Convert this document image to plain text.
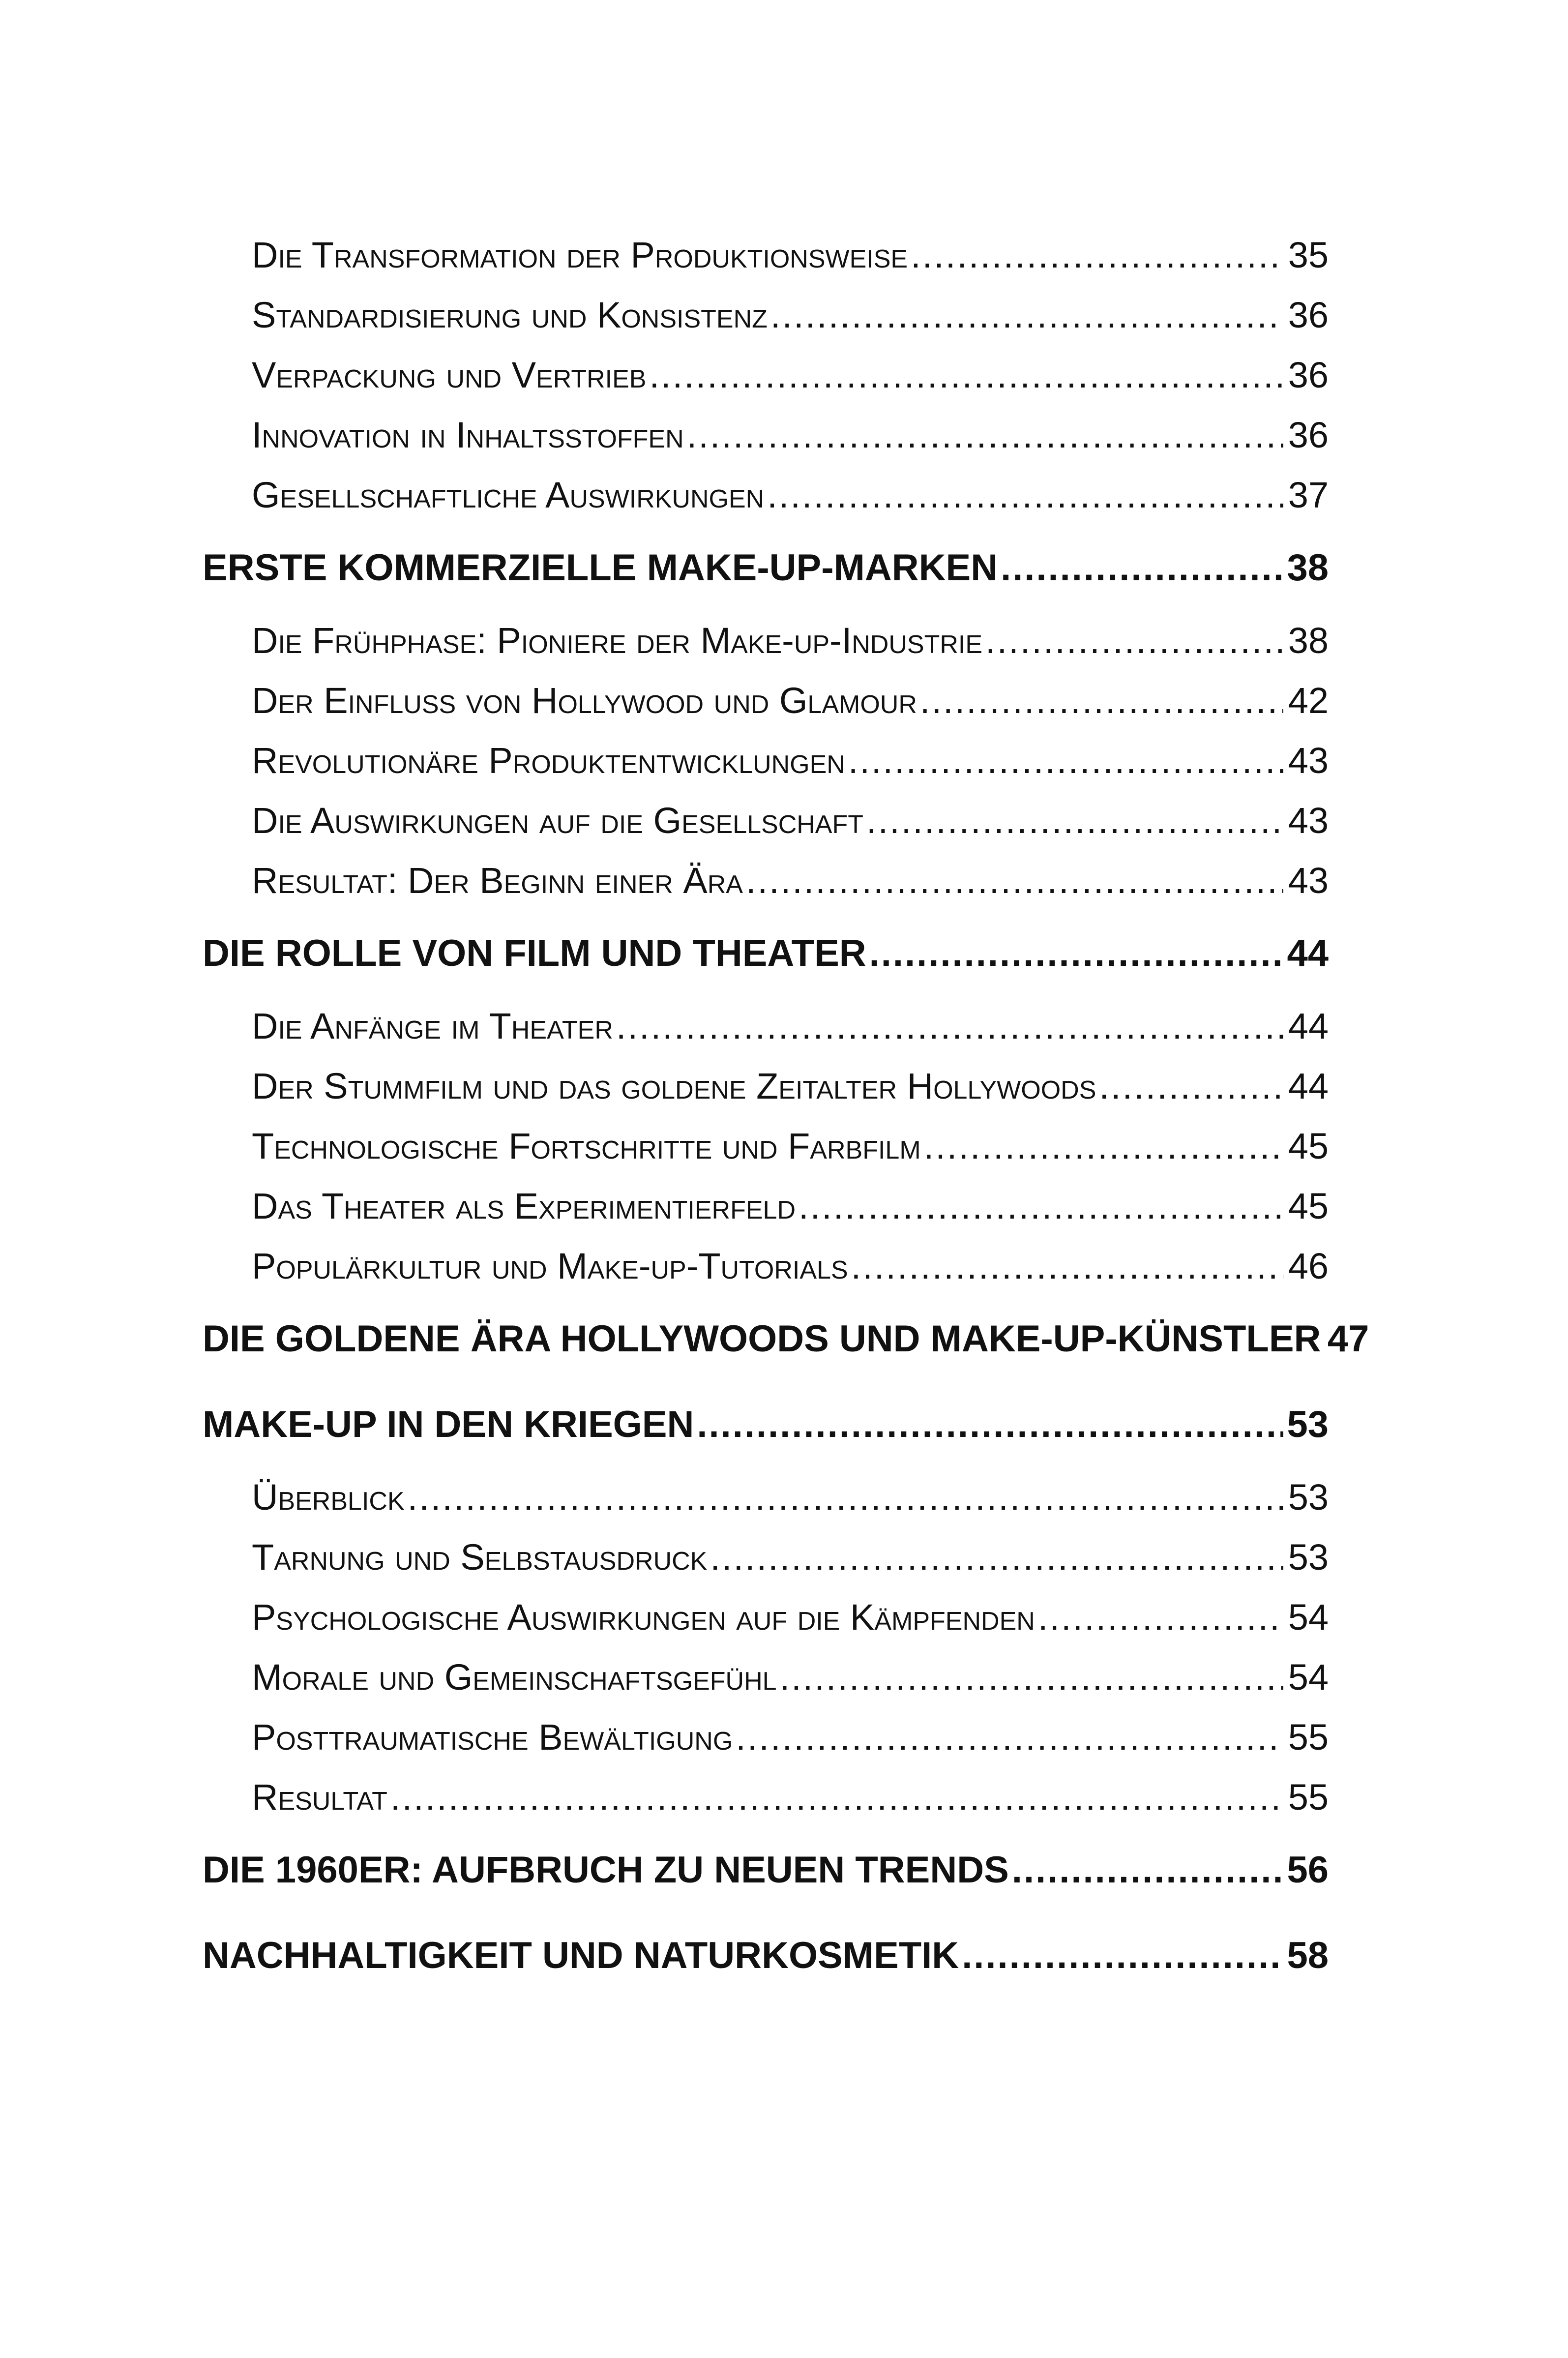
Die Transformation der Produktionsweise .....	35
Standardisierung und Konsistenz .....	36
Verpackung und Vertrieb .....	36
Innovation in Inhaltsstoffen .....	36
Gesellschaftliche Auswirkungen .....	37
ERSTE KOMMERZIELLE MAKE-UP-MARKEN .....	38
Die Frühphase: Pioniere der Make-up-Industrie .....	38
Der Einfluss von Hollywood und Glamour .....	42
Revolutionäre Produktentwicklungen .....	43
Die Auswirkungen auf die Gesellschaft .....	43
Resultat: Der Beginn einer Ära .....	43
DIE ROLLE VON FILM UND THEATER .....	44
Die Anfänge im Theater .....	44
Der Stummfilm und das goldene Zeitalter Hollywoods .....	44
Technologische Fortschritte und Farbfilm .....	45
Das Theater als Experimentierfeld .....	45
Populärkultur und Make-up-Tutorials .....	46
DIE GOLDENE ÄRA HOLLYWOODS UND MAKE-UP-KÜNSTLER 47
MAKE-UP IN DEN KRIEGEN .....	53
Überblick .....	53
Tarnung und Selbstausdruck .....	53
Psychologische Auswirkungen auf die Kämpfenden .....	54
Morale und Gemeinschaftsgefühl .....	54
Posttraumatische Bewältigung .....	55
Resultat .....	55
DIE 1960ER: AUFBRUCH ZU NEUEN TRENDS .....	56
NACHHALTIGKEIT UND NATURKOSMETIK .....	58
